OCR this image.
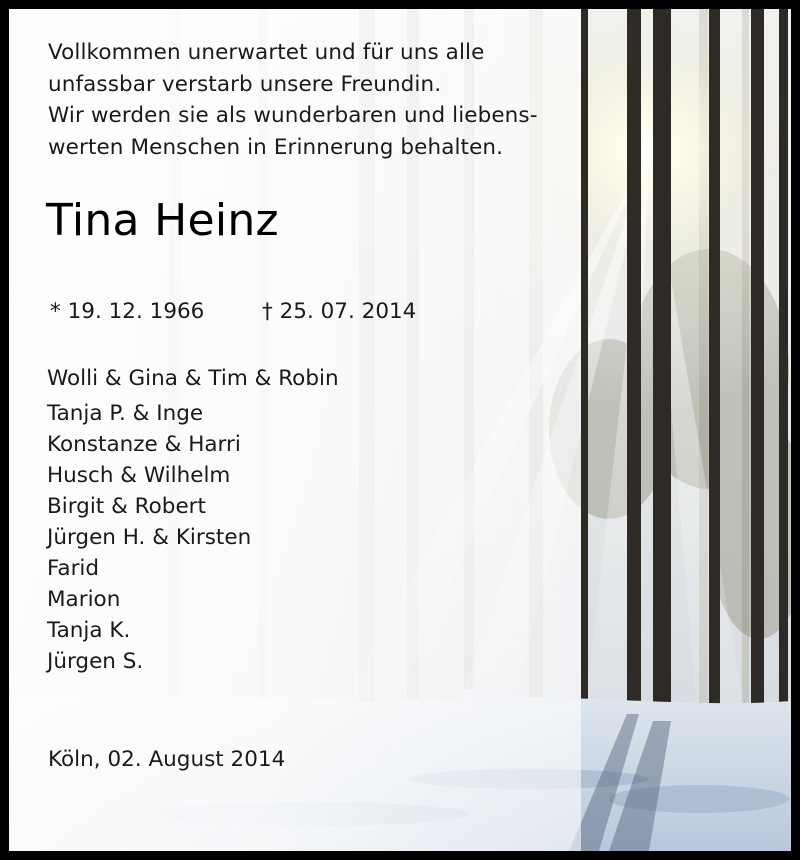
Vollkommen unerwartet und für uns alle
unfassbar verstarb unsere Freundin.
Wir werden sie als wunderbaren und liebens-
werten Menschen in Erinnerung behalten.

Tina Heinz
* 19. 12. 1966	† 25. 07. 2014
Wolli & Gina & Tim & Robin
Tanja P. & Inge
Konstanze & Harri
Husch & Wilhelm
Birgit & Robert
Jürgen H. & Kirsten
Farid
Marion
Tanja K.
Jürgen S.
Köln, 02. August 2014
